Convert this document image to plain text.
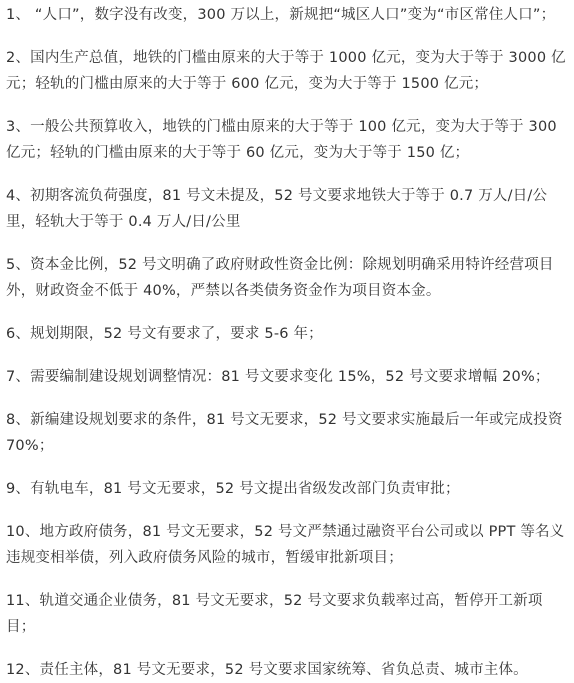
1、 “人口”，数字没有改变，300 万以上，新规把“城区人口”变为“市区常住人口”；

2、国内生产总值，地铁的门槛由原来的大于等于 1000 亿元，变为大于等于 3000 亿元；轻轨的门槛由原来的大于等于 600 亿元，变为大于等于 1500 亿元；

3、一般公共预算收入，地铁的门槛由原来的大于等于 100 亿元，变为大于等于 300 亿元；轻轨的门槛由原来的大于等于 60 亿元，变为大于等于 150 亿；

4、初期客流负荷强度，81 号文未提及，52 号文要求地铁大于等于 0.7 万人/日/公里，轻轨大于等于 0.4 万人/日/公里

5、资本金比例，52 号文明确了政府财政性资金比例：除规划明确采用特许经营项目外，财政资金不低于 40%，严禁以各类债务资金作为项目资本金。

6、规划期限，52 号文有要求了，要求 5-6 年；

7、需要编制建设规划调整情况：81 号文要求变化 15%，52 号文要求增幅 20%；

8、新编建设规划要求的条件，81 号文无要求，52 号文要求实施最后一年或完成投资 70%；

9、有轨电车，81 号文无要求，52 号文提出省级发改部门负责审批；

10、地方政府债务，81 号文无要求，52 号文严禁通过融资平台公司或以 PPT 等名义违规变相举债，列入政府债务风险的城市，暂缓审批新项目；

11、轨道交通企业债务，81 号文无要求，52 号文要求负载率过高，暂停开工新项目；

12、责任主体，81 号文无要求，52 号文要求国家统筹、省负总责、城市主体。
